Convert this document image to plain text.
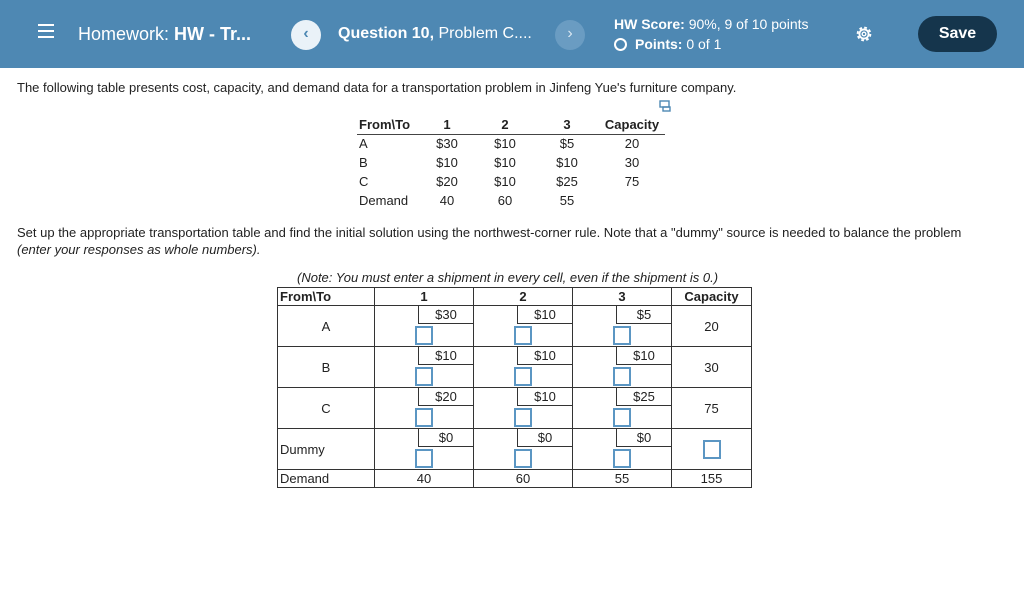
Homework: HW - Tr...	‹	Question 10, Problem C....	›
HW Score: 90%, 9 of 10 points
Points:
0 of 1
Save
The following table presents cost, capacity, and demand data for a transportation problem in Jinfeng Yue's furniture company.
From\To	1	2	3	Capacity
A	$30	$10	$5	20
B	$10	$10	$10	30
C	$20	$10	$25	75
Demand	40	60	55	
Set up the appropriate transportation table and find the initial solution using the northwest-corner rule. Note that a "dummy" source is needed to balance the problem
(enter your responses as whole numbers).
(Note: You must enter a shipment in every cell, even if the shipment is 0.)
From\To	1	2	3	Capacity
A	$30	$10	$5	20
B	$10	$10	$10	30
C	$20	$10	$25	75
Dummy	$0	$0	$0	

Demand	40	60	55	155
